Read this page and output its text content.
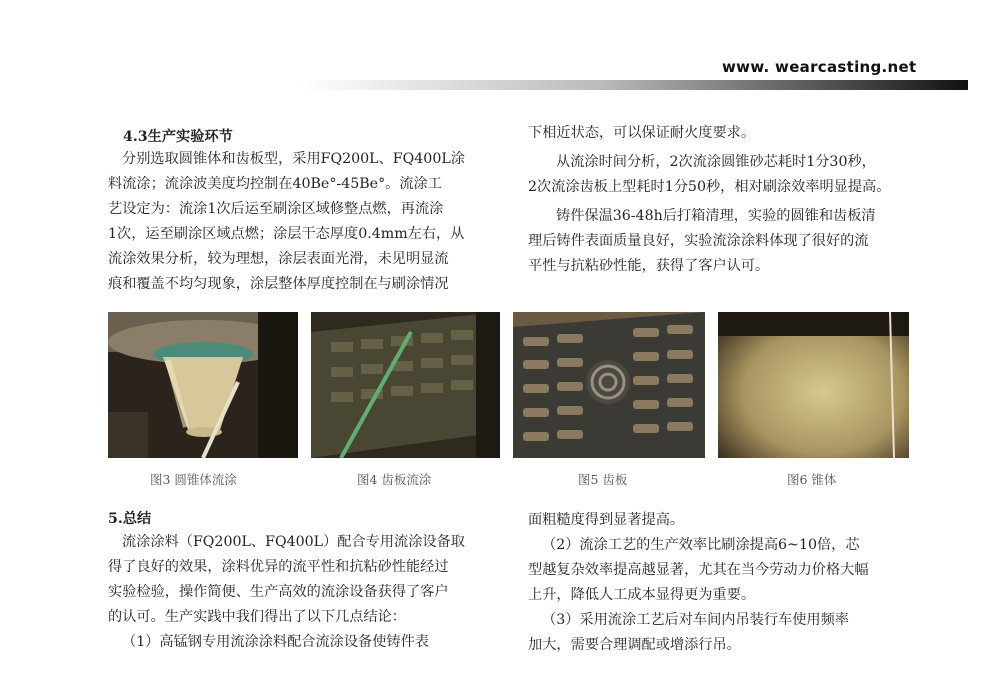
www. wearcasting.net
4.3生产实验环节
分别选取圆锥体和齿板型，采用FQ200L、FQ400L涂
料流涂；流涂波美度均控制在40Be°-45Be°。流涂工
艺设定为：流涂1次后运至刷涂区域修整点燃，再流涂
1次，运至刷涂区域点燃；涂层干态厚度0.4mm左右，从
流涂效果分析，较为理想，涂层表面光滑，未见明显流
痕和覆盖不均匀现象，涂层整体厚度控制在与刷涂情况
下相近状态，可以保证耐火度要求。
从流涂时间分析，2次流涂圆锥砂芯耗时1分30秒，
2次流涂齿板上型耗时1分50秒，相对刷涂效率明显提高。
铸件保温36-48h后打箱清理，实验的圆锥和齿板清
理后铸件表面质量良好，实验流涂涂料体现了很好的流
平性与抗粘砂性能，获得了客户认可。
图3 圆锥体流涂	图4 齿板流涂	图5 齿板	图6 锥体
5.总结
流涂涂料（FQ200L、FQ400L）配合专用流涂设备取
得了良好的效果，涂料优异的流平性和抗粘砂性能经过
实验检验，操作简便、生产高效的流涂设备获得了客户
的认可。生产实践中我们得出了以下几点结论：
（1）高锰钢专用流涂涂料配合流涂设备使铸件表
面粗糙度得到显著提高。
（2）流涂工艺的生产效率比刷涂提高6~10倍，芯
型越复杂效率提高越显著，尤其在当今劳动力价格大幅
上升，降低人工成本显得更为重要。
（3）采用流涂工艺后对车间内吊装行车使用频率
加大，需要合理调配或增添行吊。
